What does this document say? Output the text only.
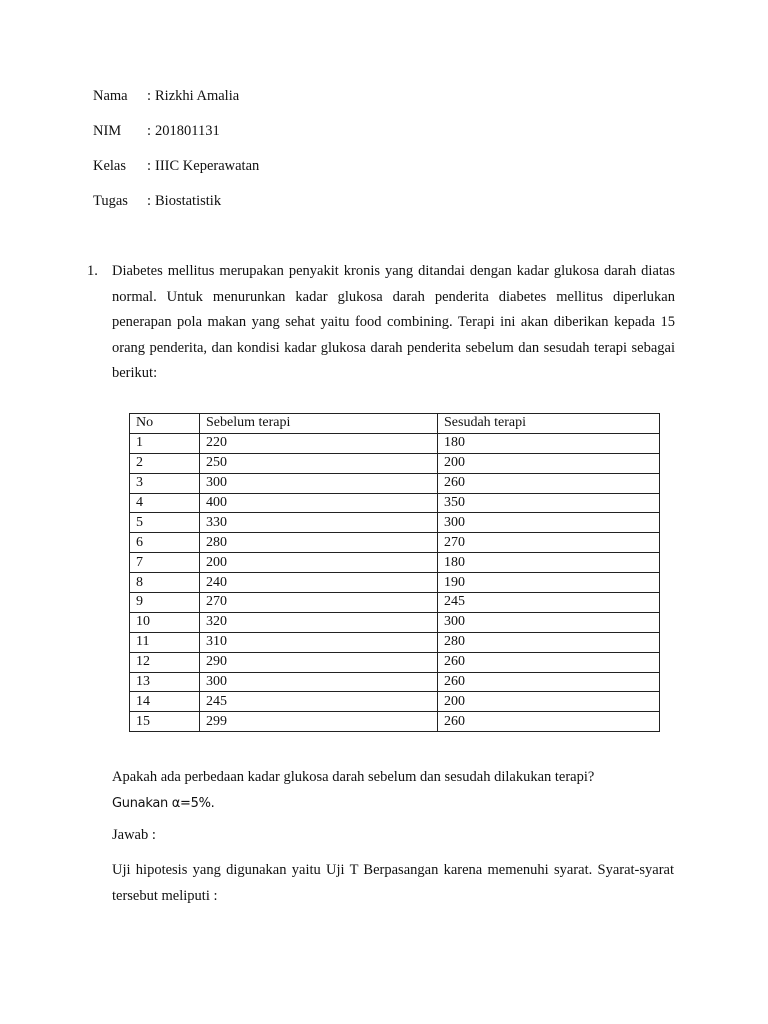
Nama : Rizkhi Amalia
NIM : 201801131
Kelas : IIIC Keperawatan
Tugas : Biostatistik
1. Diabetes mellitus merupakan penyakit kronis yang ditandai dengan kadar glukosa darah diatas normal. Untuk menurunkan kadar glukosa darah penderita diabetes mellitus diperlukan penerapan pola makan yang sehat yaitu food combining. Terapi ini akan diberikan kepada 15 orang penderita, dan kondisi kadar glukosa darah penderita sebelum dan sesudah terapi sebagai berikut:
No	Sebelum terapi	Sesudah terapi
1	220	180
2	250	200
3	300	260
4	400	350
5	330	300
6	280	270
7	200	180
8	240	190
9	270	245
10	320	300
11	310	280
12	290	260
13	300	260
14	245	200
15	299	260
Apakah ada perbedaan kadar glukosa darah sebelum dan sesudah dilakukan terapi?
Gunakan α=5%.
Jawab :
Uji hipotesis yang digunakan yaitu Uji T Berpasangan karena memenuhi syarat. Syarat-syarat tersebut meliputi :
